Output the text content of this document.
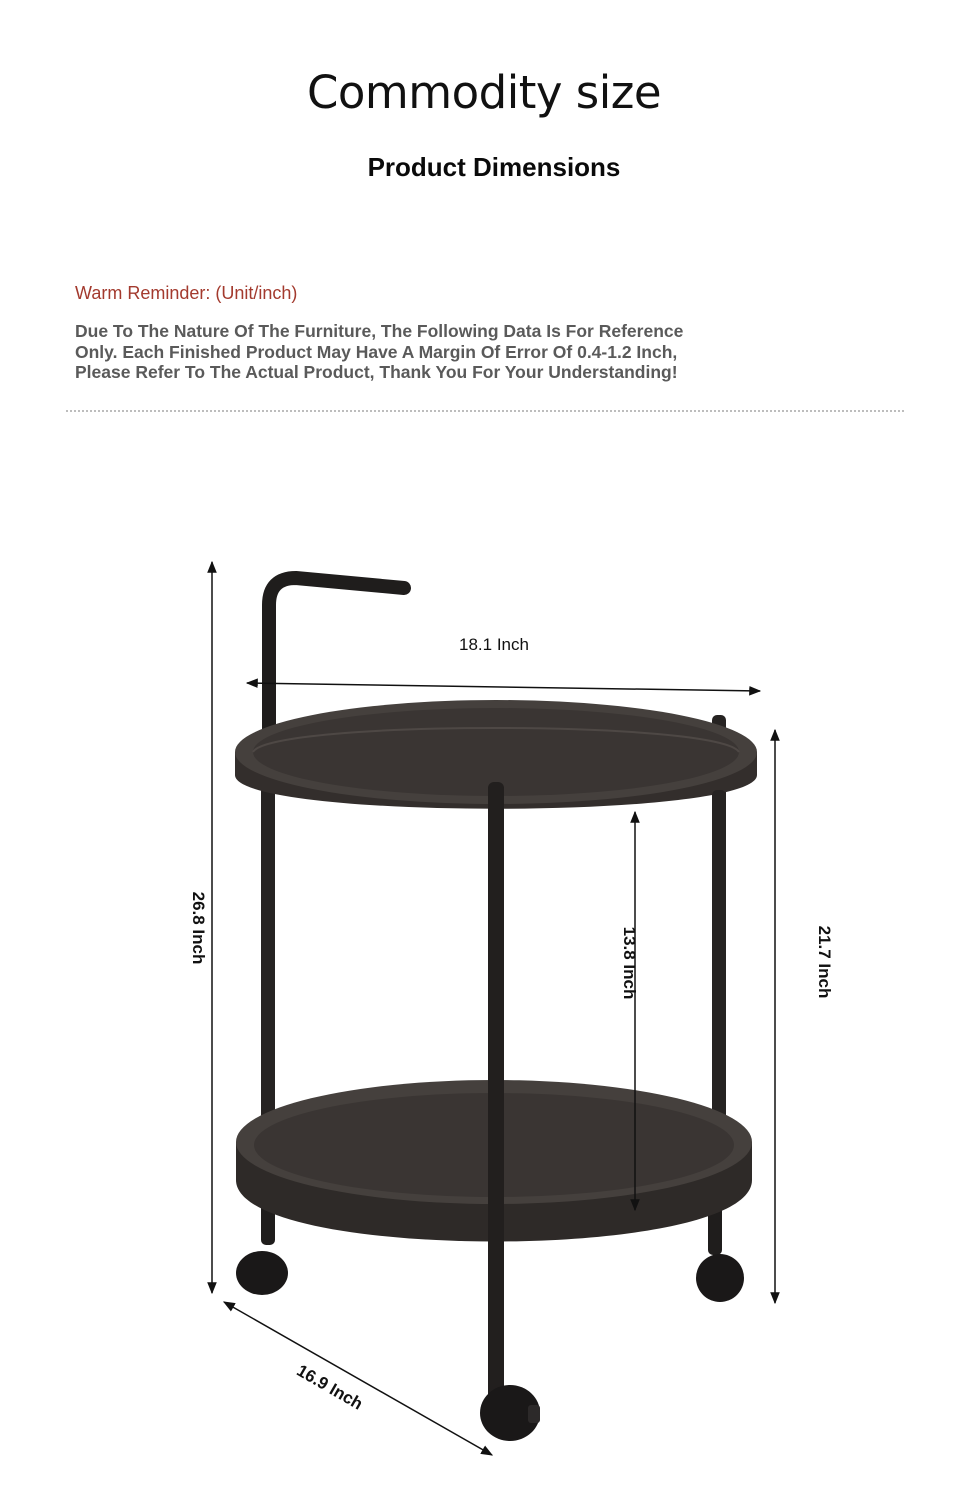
Commodity size
Product Dimensions
Warm Reminder: (Unit/inch)
Due To The Nature Of The Furniture, The Following Data Is For Reference Only. Each Finished Product May Have A Margin Of Error Of 0.4-1.2 Inch, Please Refer To The Actual Product, Thank You For Your Understanding!
18.1 Inch
26.8 Inch	13.8 Inch	21.7 Inch
16.9 Inch
